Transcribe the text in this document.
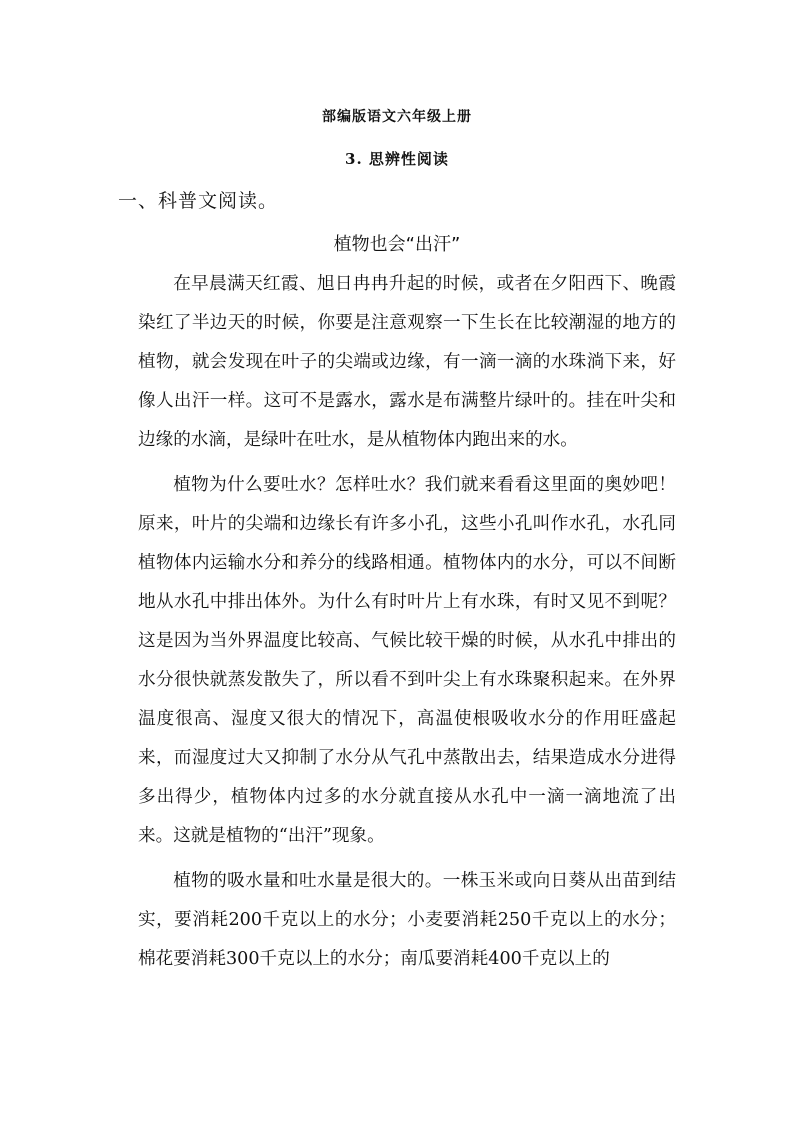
部编版语文六年级上册
3. 思辨性阅读
一、科普文阅读。
植物也会“出汗”

在早晨满天红霞、旭日冉冉升起的时候，或者在夕阳西下、晚霞染红了半边天的时候，你要是注意观察一下生长在比较潮湿的地方的植物，就会发现在叶子的尖端或边缘，有一滴一滴的水珠淌下来，好像人出汗一样。这可不是露水，露水是布满整片绿叶的。挂在叶尖和边缘的水滴，是绿叶在吐水，是从植物体内跑出来的水。

植物为什么要吐水？怎样吐水？我们就来看看这里面的奥妙吧！原来，叶片的尖端和边缘长有许多小孔，这些小孔叫作水孔，水孔同植物体内运输水分和养分的线路相通。植物体内的水分，可以不间断地从水孔中排出体外。为什么有时叶片上有水珠，有时又见不到呢？这是因为当外界温度比较高、气候比较干燥的时候，从水孔中排出的水分很快就蒸发散失了，所以看不到叶尖上有水珠聚积起来。在外界温度很高、湿度又很大的情况下，高温使根吸收水分的作用旺盛起来，而湿度过大又抑制了水分从气孔中蒸散出去，结果造成水分进得多出得少，植物体内过多的水分就直接从水孔中一滴一滴地流了出来。这就是植物的“出汗”现象。

植物的吸水量和吐水量是很大的。一株玉米或向日葵从出苗到结实，要消耗200千克以上的水分；小麦要消耗250千克以上的水分；棉花要消耗300千克以上的水分；南瓜要消耗400千克以上的
